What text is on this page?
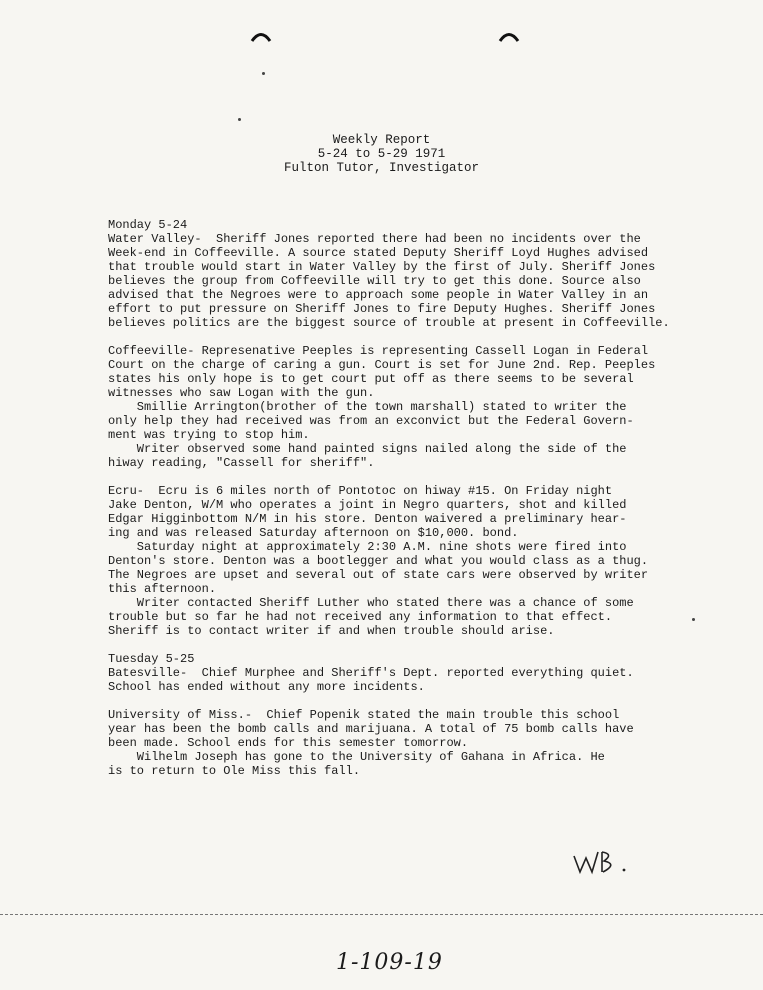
Weekly Report
5-24 to 5-29 1971
Fulton Tutor, Investigator
Monday 5-24
Water Valley-  Sheriff Jones reported there had been no incidents over the
Week-end in Coffeeville. A source stated Deputy Sheriff Loyd Hughes advised
that trouble would start in Water Valley by the first of July. Sheriff Jones
believes the group from Coffeeville will try to get this done. Source also
advised that the Negroes were to approach some people in Water Valley in an
effort to put pressure on Sheriff Jones to fire Deputy Hughes. Sheriff Jones
believes politics are the biggest source of trouble at present in Coffeeville.
Coffeeville- Represenative Peeples is representing Cassell Logan in Federal
Court on the charge of caring a gun. Court is set for June 2nd. Rep. Peeples
states his only hope is to get court put off as there seems to be several
witnesses who saw Logan with the gun.
Smillie Arrington(brother of the town marshall) stated to writer the
only help they had received was from an exconvict but the Federal Govern-
ment was trying to stop him.
Writer observed some hand painted signs nailed along the side of the
hiway reading, "Cassell for sheriff".
Ecru-  Ecru is 6 miles north of Pontotoc on hiway #15. On Friday night
Jake Denton, W/M who operates a joint in Negro quarters, shot and killed
Edgar Higginbottom N/M in his store. Denton waivered a preliminary hear-
ing and was released Saturday afternoon on $10,000. bond.
Saturday night at approximately 2:30 A.M. nine shots were fired into
Denton's store. Denton was a bootlegger and what you would class as a thug.
The Negroes are upset and several out of state cars were observed by writer
this afternoon.
Writer contacted Sheriff Luther who stated there was a chance of some
trouble but so far he had not received any information to that effect.
Sheriff is to contact writer if and when trouble should arise.
Tuesday 5-25
Batesville-  Chief Murphee and Sheriff's Dept. reported everything quiet.
School has ended without any more incidents.
University of Miss.-  Chief Popenik stated the main trouble this school
year has been the bomb calls and marijuana. A total of 75 bomb calls have
been made. School ends for this semester tomorrow.
Wilhelm Joseph has gone to the University of Gahana in Africa. He
is to return to Ole Miss this fall.
1-109-19
